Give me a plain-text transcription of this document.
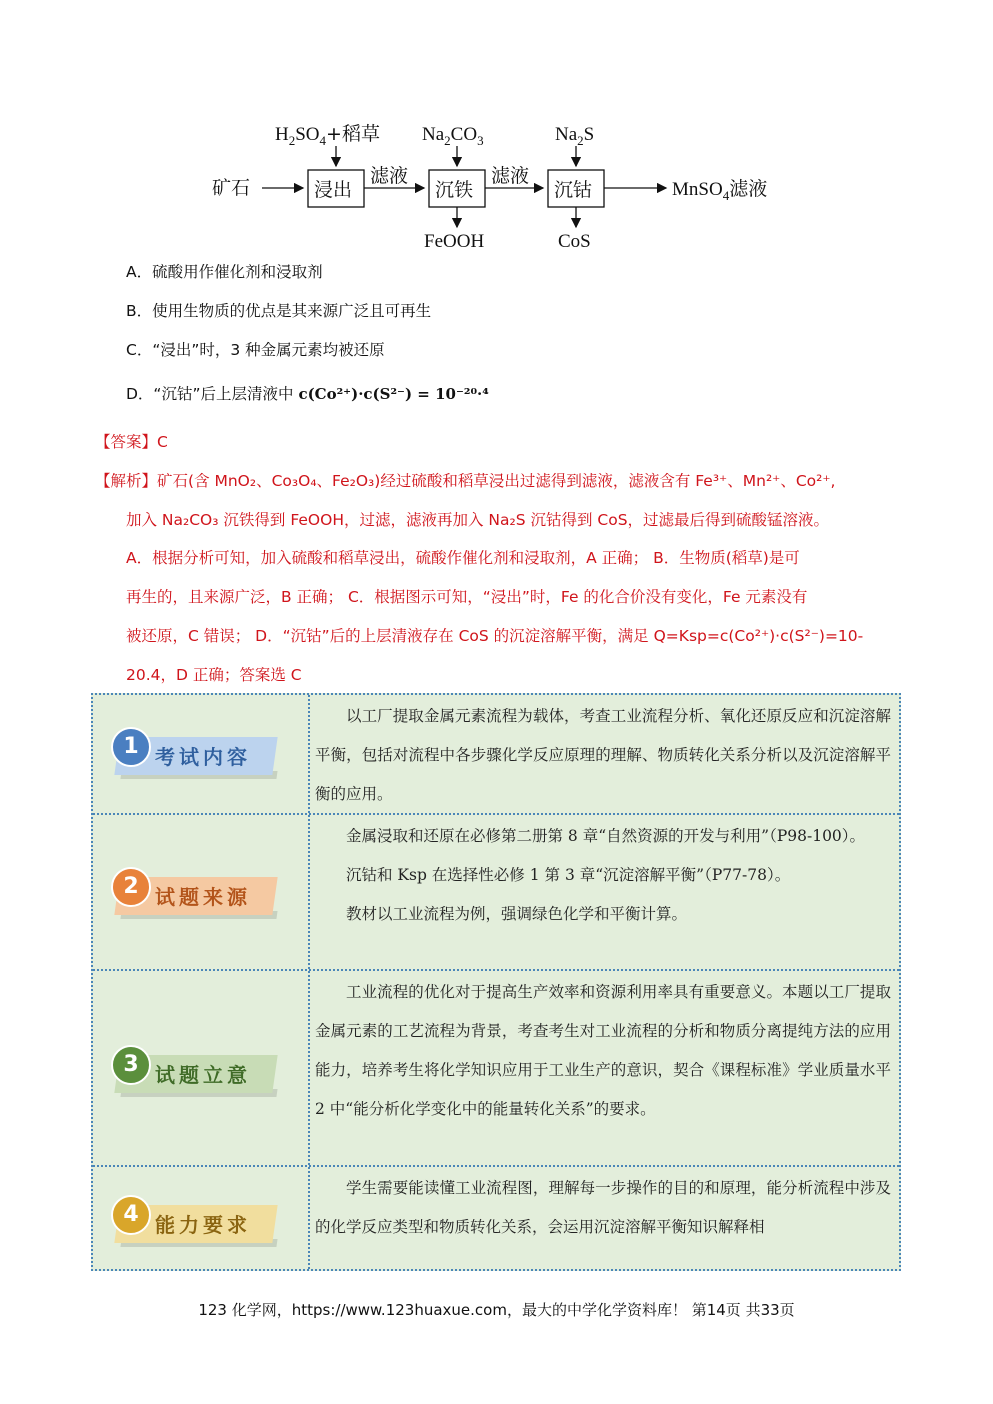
矿石	浸出
$H_2SO_4+$稻草
滤液
沉铁
$Na_2CO_3$
FeOOH
滤液
沉钴
$Na_2S$
CoS
MnSO$_4$滤液
A．硫酸用作催化剂和浸取剂
B．使用生物质的优点是其来源广泛且可再生
C．“浸出”时，3 种金属元素均被还原
D．“沉钴”后上层清液中 c(Co²⁺)·c(S²⁻) = 10⁻²⁰·⁴
【答案】C
【解析】矿石(含 MnO₂、Co₃O₄、Fe₂O₃)经过硫酸和稻草浸出过滤得到滤液，滤液含有 Fe³⁺、Mn²⁺、Co²⁺,
加入 Na₂CO₃ 沉铁得到 FeOOH，过滤，滤液再加入 Na₂S 沉钴得到 CoS，过滤最后得到硫酸锰溶液。
A．根据分析可知，加入硫酸和稻草浸出，硫酸作催化剂和浸取剂，A 正确； B．生物质(稻草)是可
再生的，且来源广泛，B 正确； C．根据图示可知，“浸出”时，Fe 的化合价没有变化，Fe 元素没有
被还原，C 错误； D．“沉钴”后的上层清液存在 CoS 的沉淀溶解平衡，满足 Q=Ksp=c(Co²⁺)·c(S²⁻)=10-
20.4，D 正确；答案选 C
1 考试内容

以工厂提取金属元素流程为载体，考查工业流程分析、氧化还原反应和沉淀溶解平衡，包括对流程中各步骤化学反应原理的理解、物质转化关系分析以及沉淀溶解平衡的应用。

2 试题来源

金属浸取和还原在必修第二册第 8 章“自然资源的开发与利用”（P98-100）。

沉钴和 Ksp 在选择性必修 1 第 3 章“沉淀溶解平衡”（P77-78）。

教材以工业流程为例，强调绿色化学和平衡计算。

3 试题立意

工业流程的优化对于提高生产效率和资源利用率具有重要意义。本题以工厂提取金属元素的工艺流程为背景，考查考生对工业流程的分析和物质分离提纯方法的应用能力，培养考生将化学知识应用于工业生产的意识，契合《课程标准》学业质量水平 2 中“能分析化学变化中的能量转化关系”的要求。

4 能力要求

学生需要能读懂工业流程图，理解每一步操作的目的和原理，能分析流程中涉及的化学反应类型和物质转化关系，会运用沉淀溶解平衡知识解释相

123 化学网，https://www.123huaxue.com，最大的中学化学资料库！ 第14页 共33页
